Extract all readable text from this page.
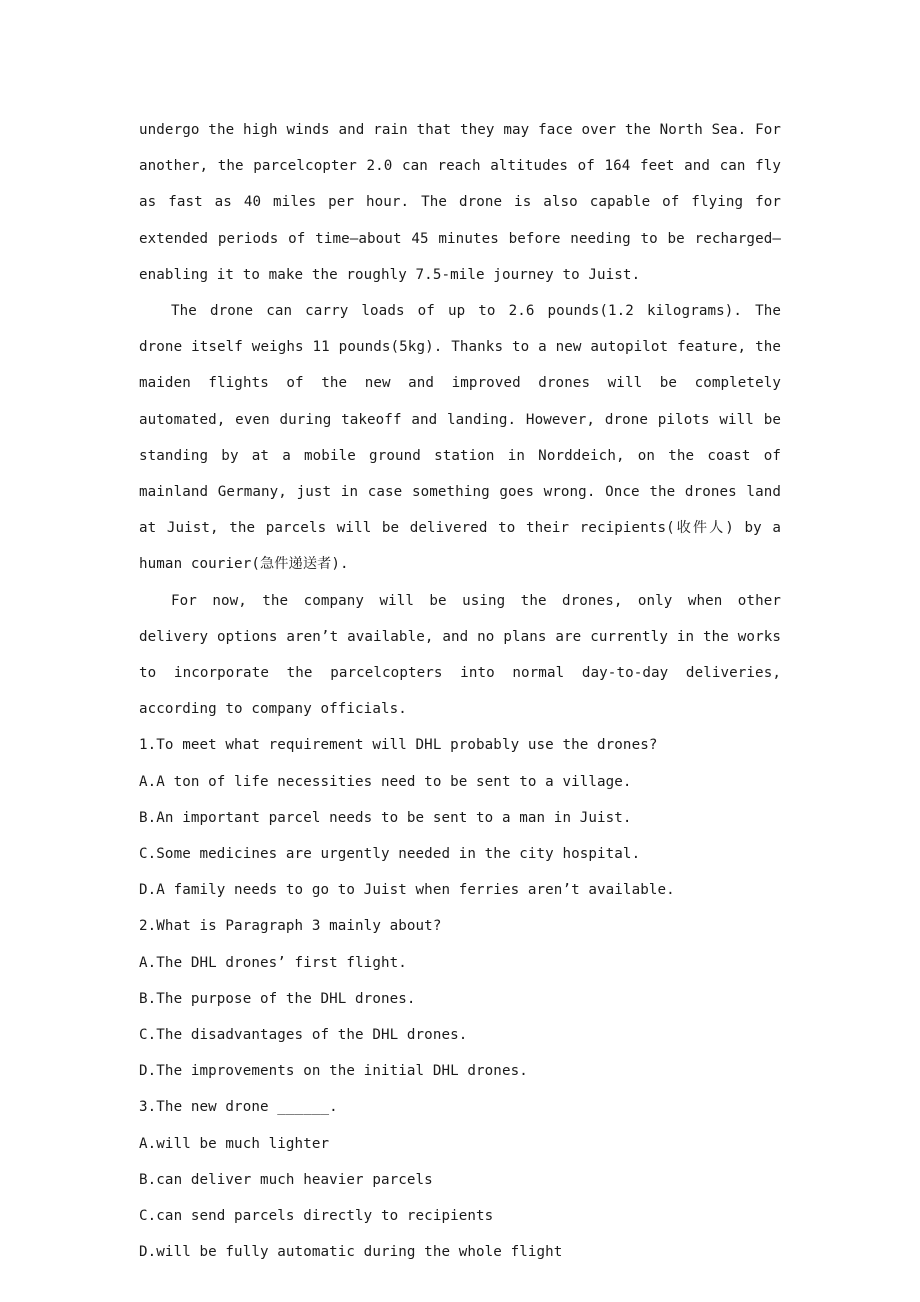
undergo the high winds and rain that they may face over the North Sea. For another, the parcelcopter 2.0 can reach altitudes of 164 feet and can fly as fast as 40 miles per hour. The drone is also capable of flying for extended periods of time—about 45 minutes before needing to be recharged—enabling it to make the roughly 7.5-mile journey to Juist.

The drone can carry loads of up to 2.6 pounds(1.2 kilograms). The drone itself weighs 11 pounds(5kg). Thanks to a new autopilot feature, the maiden flights of the new and improved drones will be completely automated, even during takeoff and landing. However, drone pilots will be standing by at a mobile ground station in Norddeich, on the coast of mainland Germany, just in case something goes wrong. Once the drones land at Juist, the parcels will be delivered to their recipients(收件人) by a human courier(急件递送者).

For now, the company will be using the drones, only when other delivery options aren’t available, and no plans are currently in the works to incorporate the parcelcopters into normal day-to-day deliveries, according to company officials.

1.To meet what requirement will DHL probably use the drones?

A.A ton of life necessities need to be sent to a village.

B.An important parcel needs to be sent to a man in Juist.

C.Some medicines are urgently needed in the city hospital.

D.A family needs to go to Juist when ferries aren’t available.

2.What is Paragraph 3 mainly about?

A.The DHL drones’ first flight.

B.The purpose of the DHL drones.

C.The disadvantages of the DHL drones.

D.The improvements on the initial DHL drones.

3.The new drone ______.

A.will be much lighter

B.can deliver much heavier parcels

C.can send parcels directly to recipients

D.will be fully automatic during the whole flight
